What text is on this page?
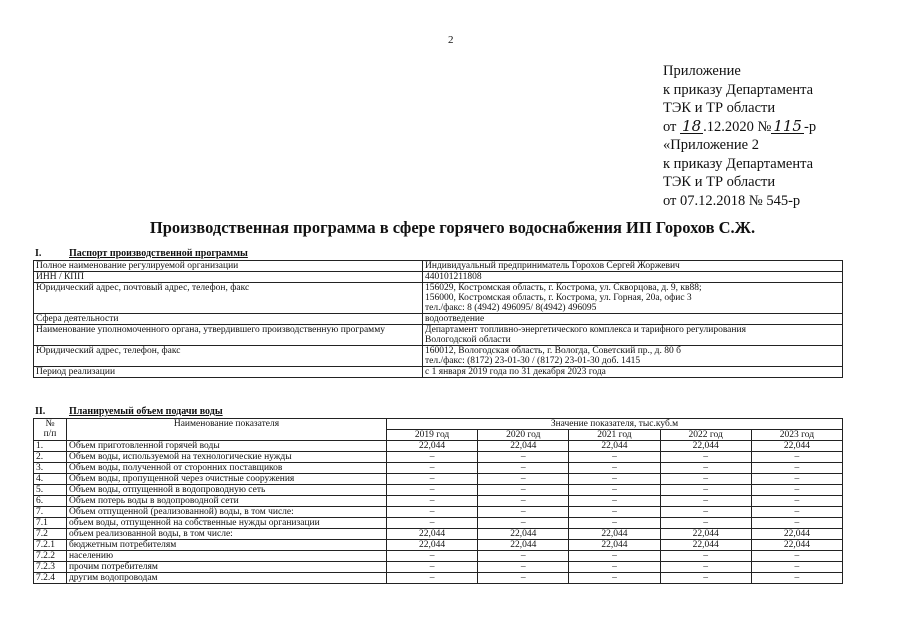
2
Приложение
к приказу Департамента
ТЭК и ТР области
от 18 .12.2020 № 115 -р
«Приложение 2
к приказу Департамента
ТЭК и ТР области
от 07.12.2018 № 545-р
Производственная программа в сфере горячего водоснабжения ИП Горохов С.Ж.
I.	Паспорт производственной программы
Полное наименование регулируемой организации	Индивидуальный предприниматель Горохов Сергей Жоржевич

ИНН / КПП	440101211808

Юридический адрес, почтовый адрес, телефон, факс	156029, Костромская область, г. Кострома, ул. Скворцова, д. 9, кв88;
156000, Костромская область, г. Кострома, ул. Горная, 20а, офис 3
тел./факс: 8 (4942) 496095/ 8(4942) 496095

Сфера деятельности	водоотведение

Наименование уполномоченного органа, утвердившего производственную программу	Департамент топливно-энергетического комплекса и тарифного регулирования
Вологодской области

Юридический адрес, телефон, факс	160012, Вологодская область, г. Вологда, Советский пр., д. 80 б
тел./факс: (8172) 23-01-30 / (8172) 23-01-30 доб. 1415

Период реализации	с 1 января 2019 года по 31 декабря 2023 года
II. Планируемый объем подачи воды
№
п/п	Наименование показателя	Значение показателя, тыс.куб.м				
		2019 год	2020 год	2021 год	2022 год	2023 год
1.	Объем приготовленной горячей воды	22,044	22,044	22,044	22,044	22,044
2.	Объем воды, используемой на технологические нужды	–	–	–	–	–
3.	Объем воды, полученной от сторонних поставщиков	–	–	–	–	–
4.	Объем воды, пропущенной через очистные сооружения	–	–	–	–	–
5.	Объем воды, отпущенной в водопроводную сеть	–	–	–	–	–
6.	Объем потерь воды в водопроводной сети	–	–	–	–	–
7.	Объем отпущенной (реализованной) воды, в том числе:	–	–	–	–	–
7.1	объем воды, отпущенной на собственные нужды организации	–	–	–	–	–
7.2	объем реализованной воды, в том числе:	22,044	22,044	22,044	22,044	22,044
7.2.1	бюджетным потребителям	22,044	22,044	22,044	22,044	22,044
7.2.2	населению	–	–	–	–	–
7.2.3	прочим потребителям	–	–	–	–	–
7.2.4	другим водопроводам	–	–	–	–	–
